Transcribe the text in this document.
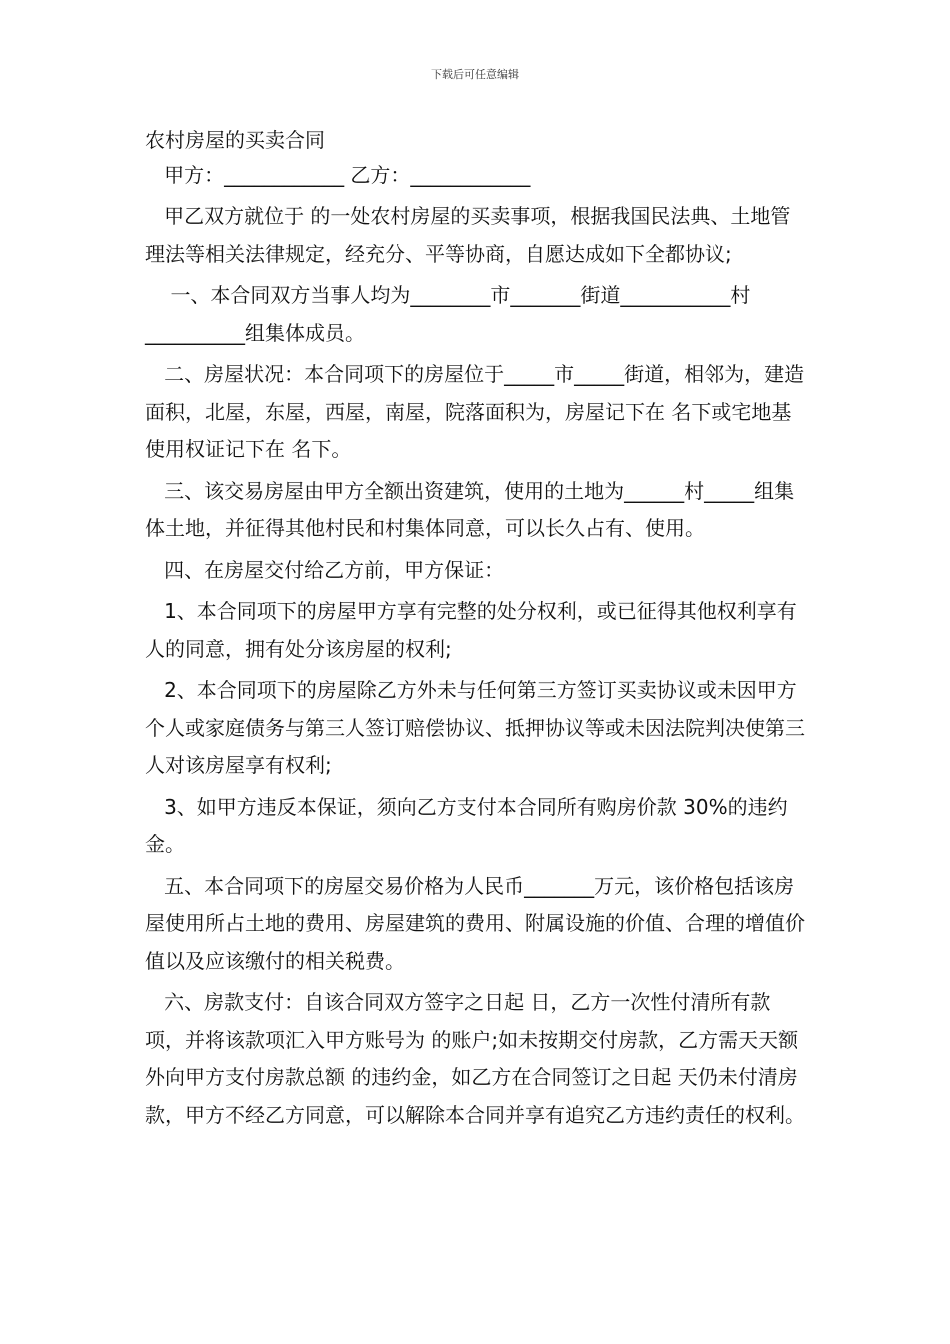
下载后可任意编辑

农村房屋的买卖合同

甲方：____________ 乙方：____________

甲乙双方就位于 的一处农村房屋的买卖事项，根据我国民法典、土地管理法等相关法律规定，经充分、平等协商，自愿达成如下全都协议;

一、本合同双方当事人均为________市_______街道___________村__________组集体成员。

二、房屋状况：本合同项下的房屋位于_____市_____街道，相邻为，建造面积，北屋，东屋，西屋，南屋，院落面积为，房屋记下在 名下或宅地基使用权证记下在 名下。

三、该交易房屋由甲方全额出资建筑，使用的土地为______村_____组集体土地，并征得其他村民和村集体同意，可以长久占有、使用。

四、在房屋交付给乙方前，甲方保证：

1、本合同项下的房屋甲方享有完整的处分权利，或已征得其他权利享有人的同意，拥有处分该房屋的权利;

2、本合同项下的房屋除乙方外未与任何第三方签订买卖协议或未因甲方个人或家庭债务与第三人签订赔偿协议、抵押协议等或未因法院判决使第三人对该房屋享有权利;

3、如甲方违反本保证，须向乙方支付本合同所有购房价款 30%的违约金。

五、本合同项下的房屋交易价格为人民币_______万元，该价格包括该房屋使用所占土地的费用、房屋建筑的费用、附属设施的价值、合理的增值价值以及应该缴付的相关税费。

六、房款支付：自该合同双方签字之日起 日，乙方一次性付清所有款项，并将该款项汇入甲方账号为 的账户;如未按期交付房款，乙方需天天额外向甲方支付房款总额 的违约金，如乙方在合同签订之日起 天仍未付清房款，甲方不经乙方同意，可以解除本合同并享有追究乙方违约责任的权利。
